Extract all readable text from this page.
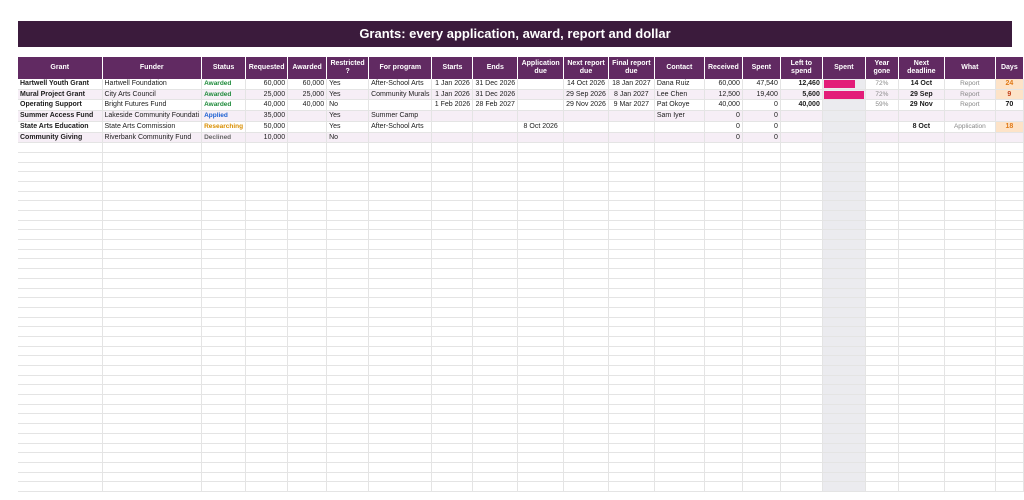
Grants: every application, award, report and dollar
Grant	Funder	Status	Requested	Awarded	Restricted ?	For program	Starts	Ends	Application due	Next report due	Final report due	Contact	Received	Spent	Left to spend	Spent	Year gone	Next deadline	What	Days
Hartwell Youth Grant	Hartwell Foundation	Awarded	60,000	60,000	Yes	After-School Arts	1 Jan 2026	31 Dec 2026		14 Oct 2026	18 Jan 2027	Dana Ruiz	60,000	47,540	12,460		72%	14 Oct	Report	24
Mural Project Grant	City Arts Council	Awarded	25,000	25,000	Yes	Community Murals	1 Jan 2026	31 Dec 2026		29 Sep 2026	8 Jan 2027	Lee Chen	12,500	19,400	5,600		72%	29 Sep	Report	9
Operating Support	Bright Futures Fund	Awarded	40,000	40,000	No		1 Feb 2026	28 Feb 2027		29 Nov 2026	9 Mar 2027	Pat Okoye	40,000	0	40,000		59%	29 Nov	Report	70
Summer Access Fund	Lakeside Community Foundati	Applied	35,000		Yes	Summer Camp						Sam Iyer	0	0						
State Arts Education	State Arts Commission	Researching	50,000		Yes	After-School Arts			8 Oct 2026				0	0				8 Oct	Application	18
Community Giving	Riverbank Community Fund	Declined	10,000		No								0	0						
